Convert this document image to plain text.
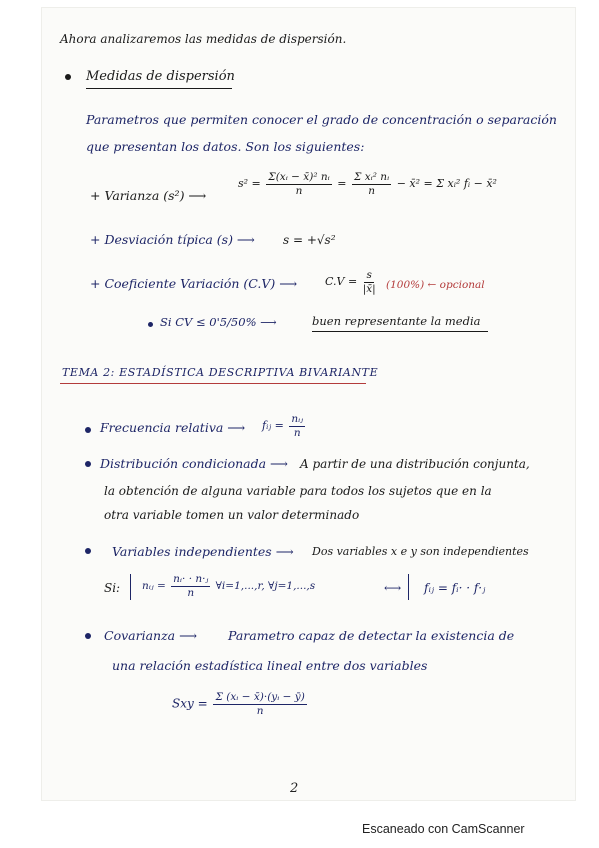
Ahora analizaremos las medidas de dispersión.
Medidas de dispersión
Parametros que permiten conocer el grado de concentración o separación
que presentan los datos. Son los siguientes:
+ Varianza (s²) ⟶
$s^2 = \frac{\text{Σ(xᵢ − x̄)² nᵢ}}{n} = \frac{\text{Σ xᵢ² nᵢ}}{n}$ − x̄² = Σ xᵢ² fᵢ − x̄²
+ Desviación típica (s) ⟶ s = +√s²
+ Coeficiente Variación (C.V) ⟶	$C.V = \frac{s}{|x̄|} (100\%)$ ← opcional
Si CV ≤ 0'5/50% ⟶	buen representante la media
TEMA 2: ESTADÍSTICA DESCRIPTIVA BIVARIANTE
Frecuencia relativa ⟶ fᵢⱼ = $\frac{\text{nᵢⱼ}}{n}$
Distribución condicionada ⟶ A partir de una distribución conjunta,
la obtención de alguna variable para todos los sujetos que en la
otra variable tomen un valor determinado
Variables independientes ⟶ Dos variables x e y son independientes
Si: nᵢⱼ = $\frac{\text{nᵢ· · n·ⱼ}}{n}$ ∀i=1,...,r, ∀j=1,...,s	⟷ fᵢⱼ = fᵢ· · f·ⱼ
Covarianza ⟶ Parametro capaz de detectar la existencia de
una relación estadística lineal entre dos variables
Sxy = $\frac{\text{Σ (xᵢ − x̄)·(yᵢ − ȳ)}}{n}$
2
Escaneado con CamScanner
